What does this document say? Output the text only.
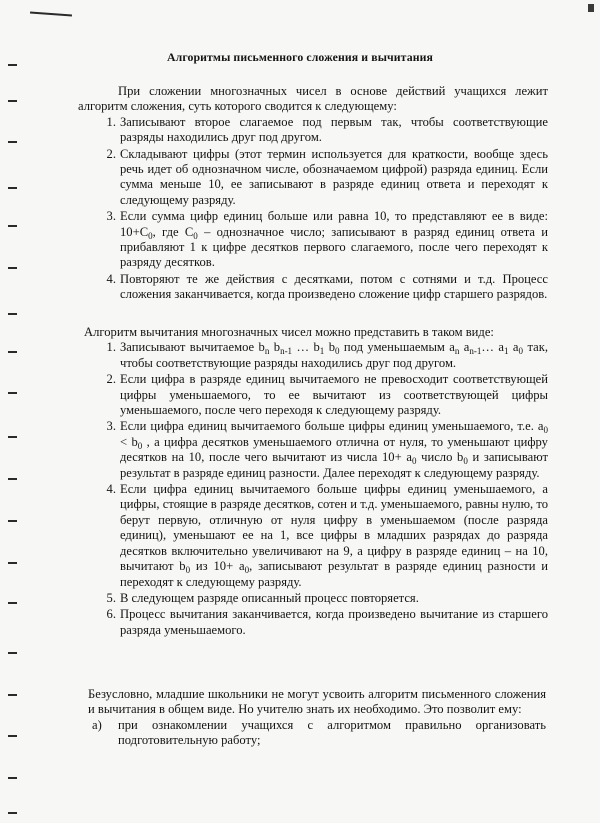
Алгоритмы письменного сложения и вычитания

При сложении многозначных чисел в основе действий учащихся лежит алгоритм сложения, суть которого сводится к следующему:

1. Записывают второе слагаемое под первым так, чтобы соответствующие разряды находились друг под другом.
2. Складывают цифры (этот термин используется для краткости, вообще здесь речь идет об однозначном числе, обозначаемом цифрой) разряда единиц. Если сумма меньше 10, ее записывают в разряде единиц ответа и переходят к следующему разряду.
3. Если сумма цифр единиц больше или равна 10, то представляют ее в виде: $10+C_0$, где $C_0$ – однозначное число; записывают в разряд единиц ответа и прибавляют 1 к цифре десятков первого слагаемого, после чего переходят к разряду десятков.
4. Повторяют те же действия с десятками, потом с сотнями и т.д. Процесс сложения заканчивается, когда произведено сложение цифр старшего разрядов.

Алгоритм вычитания многозначных чисел можно представить в таком виде:

1. Записывают вычитаемое $b_n$ $b_{n-1}$ … $b_1$ $b_0$ под уменьшаемым $a_n$ $a_{n-1}\dots$ $a_1$ $a_0$ так, чтобы соответствующие разряды находились друг под другом.
2. Если цифра в разряде единиц вычитаемого не превосходит соответствующей цифры уменьшаемого, то ее вычитают из соответствующей цифры уменьшаемого, после чего переходя к следующему разряду.
3. Если цифра единиц вычитаемого больше цифры единиц уменьшаемого, т.е. $a_0 < b_0$ , а цифра десятков уменьшаемого отлична от нуля, то уменьшают цифру десятков на 10, после чего вычитают из числа $10+ a_0$ число $b_0$ и записывают результат в разряде единиц разности. Далее переходят к следующему разряду.
4. Если цифра единиц вычитаемого больше цифры единиц уменьшаемого, а цифры, стоящие в разряде десятков, сотен и т.д. уменьшаемого, равны нулю, то берут первую, отличную от нуля цифру в уменьшаемом (после разряда единиц), уменьшают ее на 1, все цифры в младших разрядах до разряда десятков включительно увеличивают на 9, а цифру в разряде единиц – на 10, вычитают $b_0$ из $10+ a_0$, записывают результат в разряде единиц разности и переходят к следующему разряду.
5. В следующем разряде описанный процесс повторяется.
6. Процесс вычитания заканчивается, когда произведено вычитание из старшего разряда уменьшаемого.

Безусловно, младшие школьники не могут усвоить алгоритм письменного сложения и вычитания в общем виде. Но учителю знать их необходимо. Это позволит ему:

а)	при ознакомлении учащихся с алгоритмом правильно организовать подготовительную работу;
